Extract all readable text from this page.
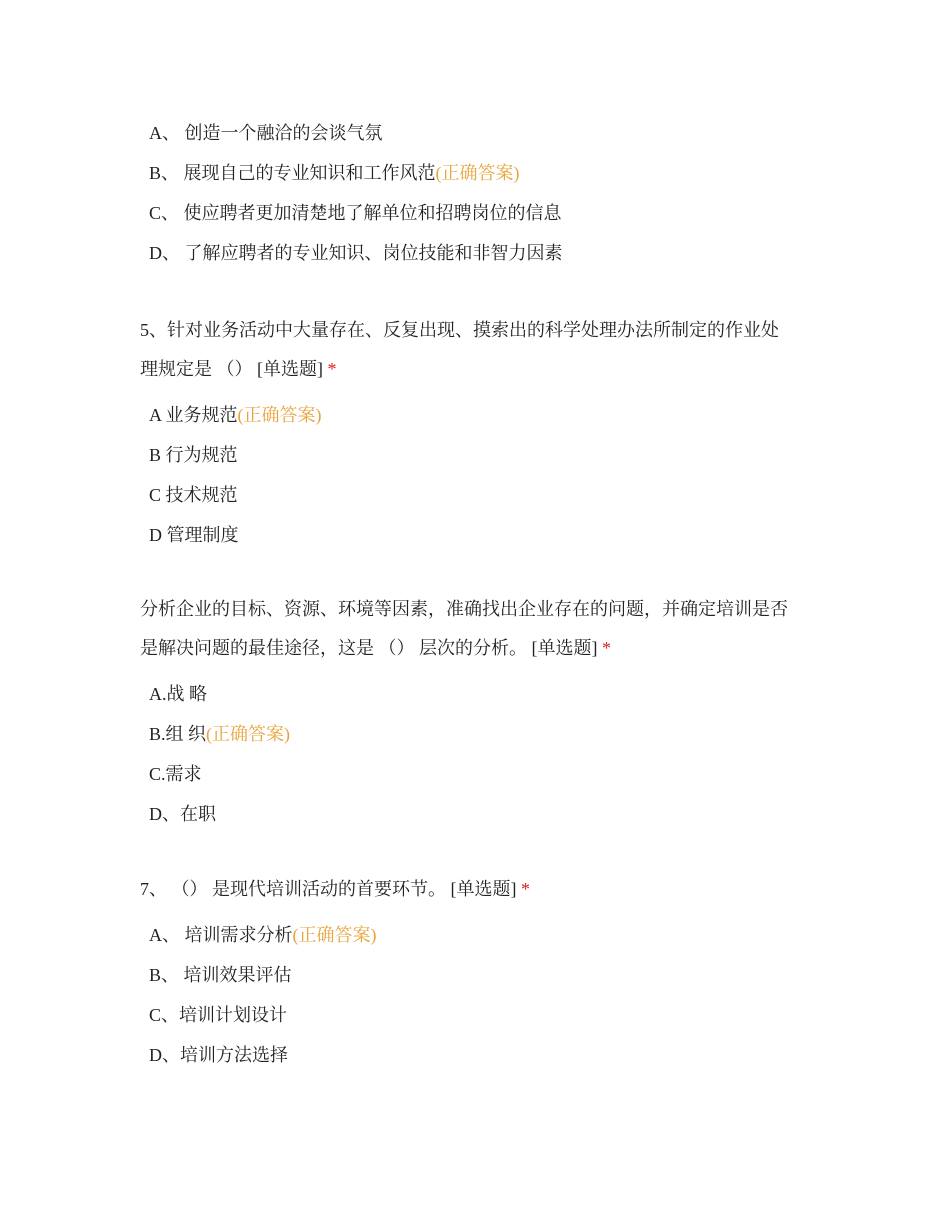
A、 创造一个融洽的会谈气氛
B、 展现自己的专业知识和工作风范(正确答案)
C、 使应聘者更加清楚地了解单位和招聘岗位的信息
D、 了解应聘者的专业知识、岗位技能和非智力因素

5、针对业务活动中大量存在、反复出现、摸索出的科学处理办法所制定的作业处
理规定是 （） [单选题] *

A 业务规范(正确答案)
B 行为规范
C 技术规范
D 管理制度

分析企业的目标、资源、环境等因素，准确找出企业存在的问题，并确定培训是否
是解决问题的最佳途径，这是 （） 层次的分析。 [单选题] *

A.战 略
B.组 织(正确答案)
C.需求
D、在职

7、 （） 是现代培训活动的首要环节。 [单选题] *

A、 培训需求分析(正确答案)
B、 培训效果评估
C、培训计划设计
D、培训方法选择
